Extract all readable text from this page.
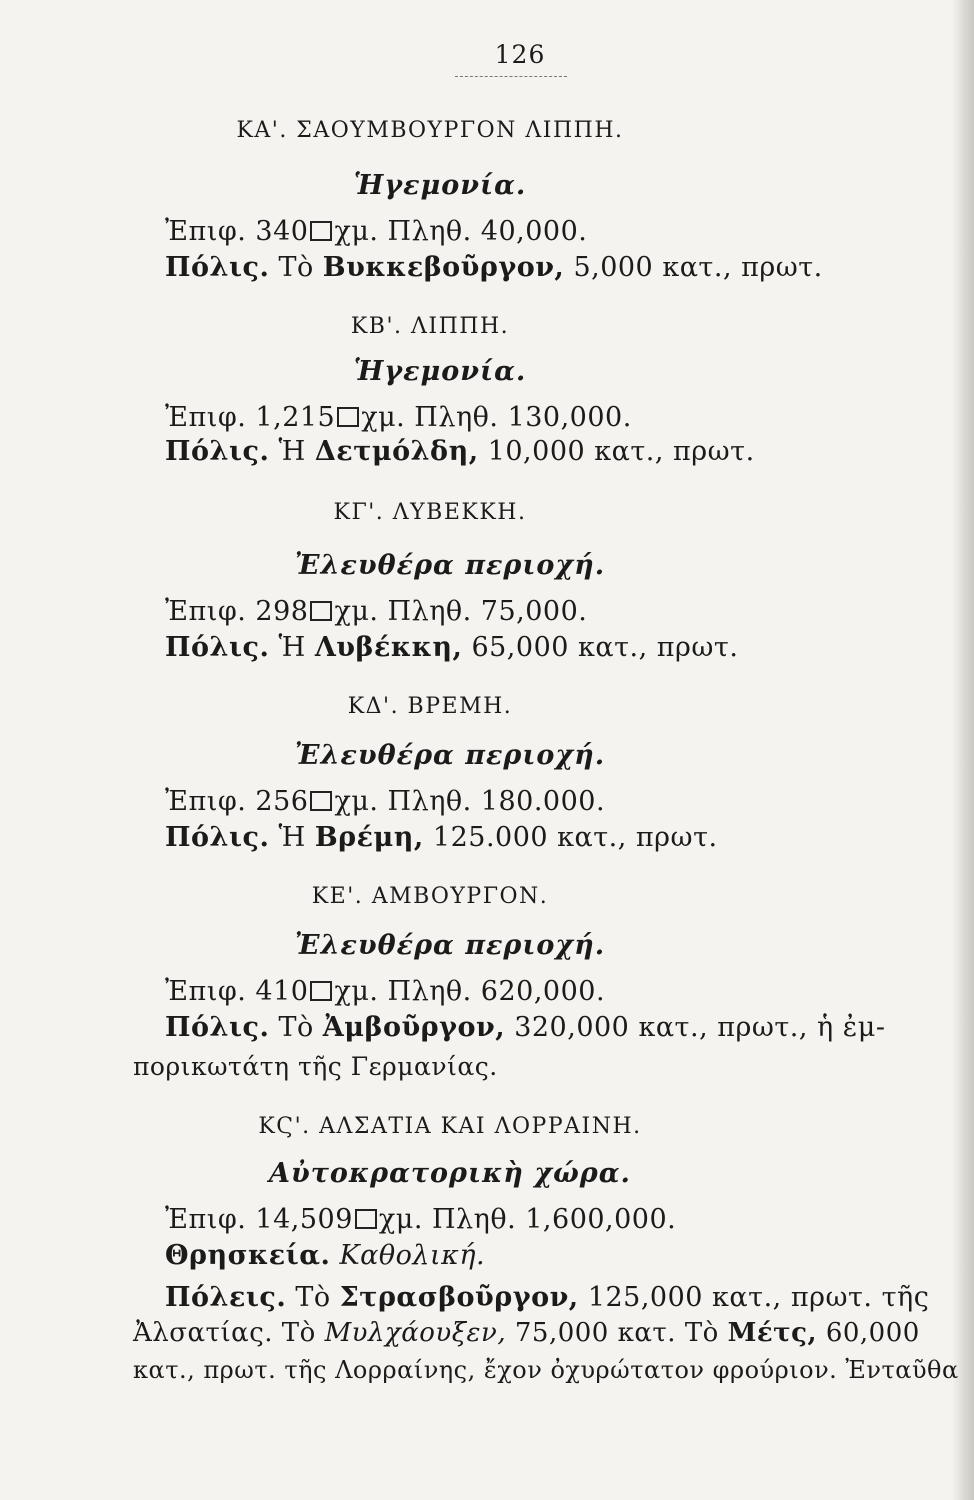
126
ΚΑ'. ΣΑΟΥΜΒΟΥΡΓΟΝ ΛΙΠΠΗ.
Ἡγεμονία.
Ἐπιφ. 340 χμ. Πληθ. 40,000.
Πόλις. Τὸ Βυκκεβοῦργον, 5,000 κατ., πρωτ.
ΚΒ'. ΛΙΠΠΗ.
Ἡγεμονία.
Ἐπιφ. 1,215 χμ. Πληθ. 130,000.
Πόλις. Ἡ Δετμόλδη, 10,000 κατ., πρωτ.
ΚΓ'. ΛΥΒΕΚΚΗ.
Ἐλευθέρα περιοχή.
Ἐπιφ. 298 χμ. Πληθ. 75,000.
Πόλις. Ἡ Λυβέκκη, 65,000 κατ., πρωτ.
ΚΔ'. ΒΡΕΜΗ.
Ἐλευθέρα περιοχή.
Ἐπιφ. 256 χμ. Πληθ. 180.000.
Πόλις. Ἡ Βρέμη, 125.000 κατ., πρωτ.
ΚΕ'. ΑΜΒΟΥΡΓΟΝ.
Ἐλευθέρα περιοχή.
Ἐπιφ. 410 χμ. Πληθ. 620,000.
Πόλις. Τὸ Ἀμβοῦργον, 320,000 κατ., πρωτ., ἡ ἐμ-
πορικωτάτη τῆς Γερμανίας.
ΚϚ'. ΑΛΣΑΤΙΑ ΚΑΙ ΛΟΡΡΑΙΝΗ.
Αὐτοκρατορικὴ χώρα.
Ἐπιφ. 14,509 χμ. Πληθ. 1,600,000.
Θρησκεία. Καθολική.
Πόλεις. Τὸ Στρασβοῦργον, 125,000 κατ., πρωτ. τῆς
Ἀλσατίας. Τὸ Μυλχάουξεν, 75,000 κατ. Τὸ Μέτς, 60,000
κατ., πρωτ. τῆς Λορραίνης, ἔχον ὀχυρώτατον φρούριον. Ἐνταῦθα
